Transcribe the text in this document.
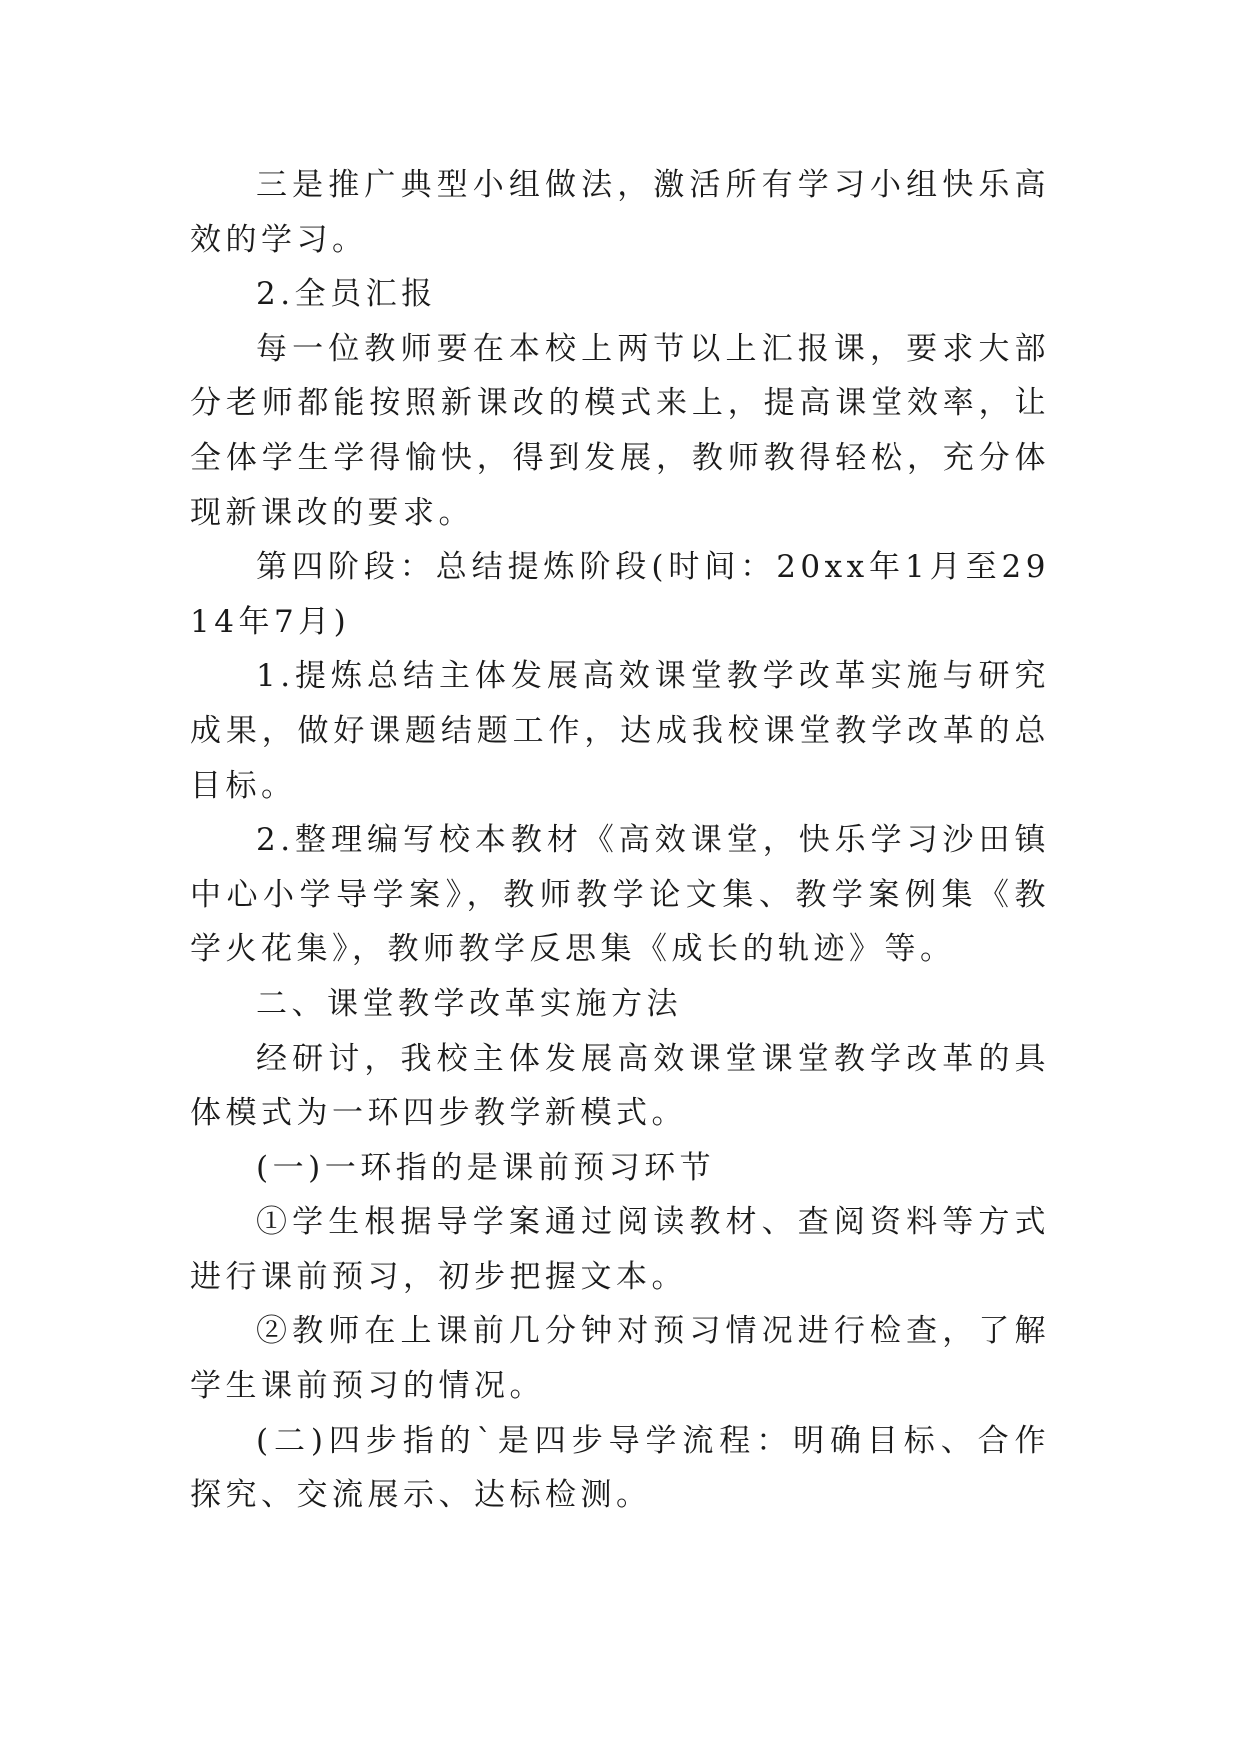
三是推广典型小组做法，激活所有学习小组快乐高效的学习。

2.全员汇报

每一位教师要在本校上两节以上汇报课，要求大部分老师都能按照新课改的模式来上，提高课堂效率，让全体学生学得愉快，得到发展，教师教得轻松，充分体现新课改的要求。

第四阶段：总结提炼阶段(时间：20xx年1月至2914年7月)

1.提炼总结主体发展高效课堂教学改革实施与研究成果，做好课题结题工作，达成我校课堂教学改革的总目标。

2.整理编写校本教材《高效课堂，快乐学习沙田镇中心小学导学案》，教师教学论文集、教学案例集《教学火花集》，教师教学反思集《成长的轨迹》等。

二、课堂教学改革实施方法

经研讨，我校主体发展高效课堂课堂教学改革的具体模式为一环四步教学新模式。

(一)一环指的是课前预习环节

①学生根据导学案通过阅读教材、查阅资料等方式进行课前预习，初步把握文本。

②教师在上课前几分钟对预习情况进行检查，了解学生课前预习的情况。

(二)四步指的`是四步导学流程：明确目标、合作探究、交流展示、达标检测。
